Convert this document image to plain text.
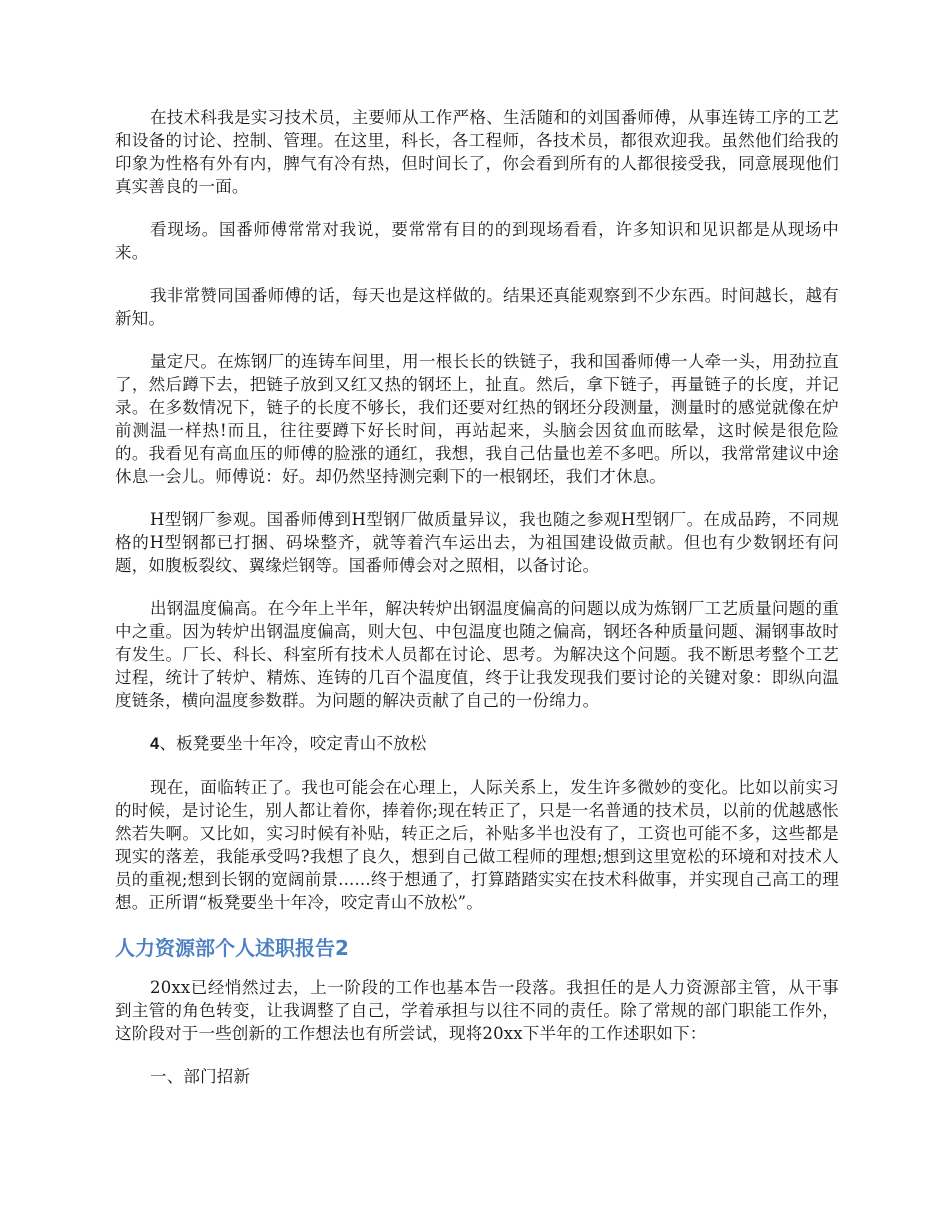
在技术科我是实习技术员，主要师从工作严格、生活随和的刘国番师傅，从事连铸工序的工艺和设备的讨论、控制、管理。在这里，科长，各工程师，各技术员，都很欢迎我。虽然他们给我的印象为性格有外有内，脾气有冷有热，但时间长了，你会看到所有的人都很接受我，同意展现他们真实善良的一面。

看现场。国番师傅常常对我说，要常常有目的的到现场看看，许多知识和见识都是从现场中来。

我非常赞同国番师傅的话，每天也是这样做的。结果还真能观察到不少东西。时间越长，越有新知。

量定尺。在炼钢厂的连铸车间里，用一根长长的铁链子，我和国番师傅一人牵一头，用劲拉直了，然后蹲下去，把链子放到又红又热的钢坯上，扯直。然后，拿下链子，再量链子的长度，并记录。在多数情况下，链子的长度不够长，我们还要对红热的钢坯分段测量，测量时的感觉就像在炉前测温一样热!而且，往往要蹲下好长时间，再站起来，头脑会因贫血而眩晕，这时候是很危险的。我看见有高血压的师傅的脸涨的通红，我想，我自己估量也差不多吧。所以，我常常建议中途休息一会儿。师傅说：好。却仍然坚持测完剩下的一根钢坯，我们才休息。

H型钢厂参观。国番师傅到H型钢厂做质量异议，我也随之参观H型钢厂。在成品跨，不同规格的H型钢都已打捆、码垛整齐，就等着汽车运出去，为祖国建设做贡献。但也有少数钢坯有问题，如腹板裂纹、翼缘烂钢等。国番师傅会对之照相，以备讨论。

出钢温度偏高。在今年上半年，解决转炉出钢温度偏高的问题以成为炼钢厂工艺质量问题的重中之重。因为转炉出钢温度偏高，则大包、中包温度也随之偏高，钢坯各种质量问题、漏钢事故时有发生。厂长、科长、科室所有技术人员都在讨论、思考。为解决这个问题。我不断思考整个工艺过程，统计了转炉、精炼、连铸的几百个温度值，终于让我发现我们要讨论的关键对象：即纵向温度链条，横向温度参数群。为问题的解决贡献了自己的一份绵力。

4、板凳要坐十年冷，咬定青山不放松

现在，面临转正了。我也可能会在心理上，人际关系上，发生许多微妙的变化。比如以前实习的时候，是讨论生，别人都让着你，捧着你;现在转正了，只是一名普通的技术员，以前的优越感怅然若失啊。又比如，实习时候有补贴，转正之后，补贴多半也没有了，工资也可能不多，这些都是现实的落差，我能承受吗?我想了良久，想到自己做工程师的理想;想到这里宽松的环境和对技术人员的重视;想到长钢的宽阔前景......终于想通了，打算踏踏实实在技术科做事，并实现自己高工的理想。正所谓“板凳要坐十年冷，咬定青山不放松”。

人力资源部个人述职报告2

20xx已经悄然过去，上一阶段的工作也基本告一段落。我担任的是人力资源部主管，从干事到主管的角色转变，让我调整了自己，学着承担与以往不同的责任。除了常规的部门职能工作外，这阶段对于一些创新的工作想法也有所尝试，现将20xx下半年的工作述职如下：

一、部门招新
